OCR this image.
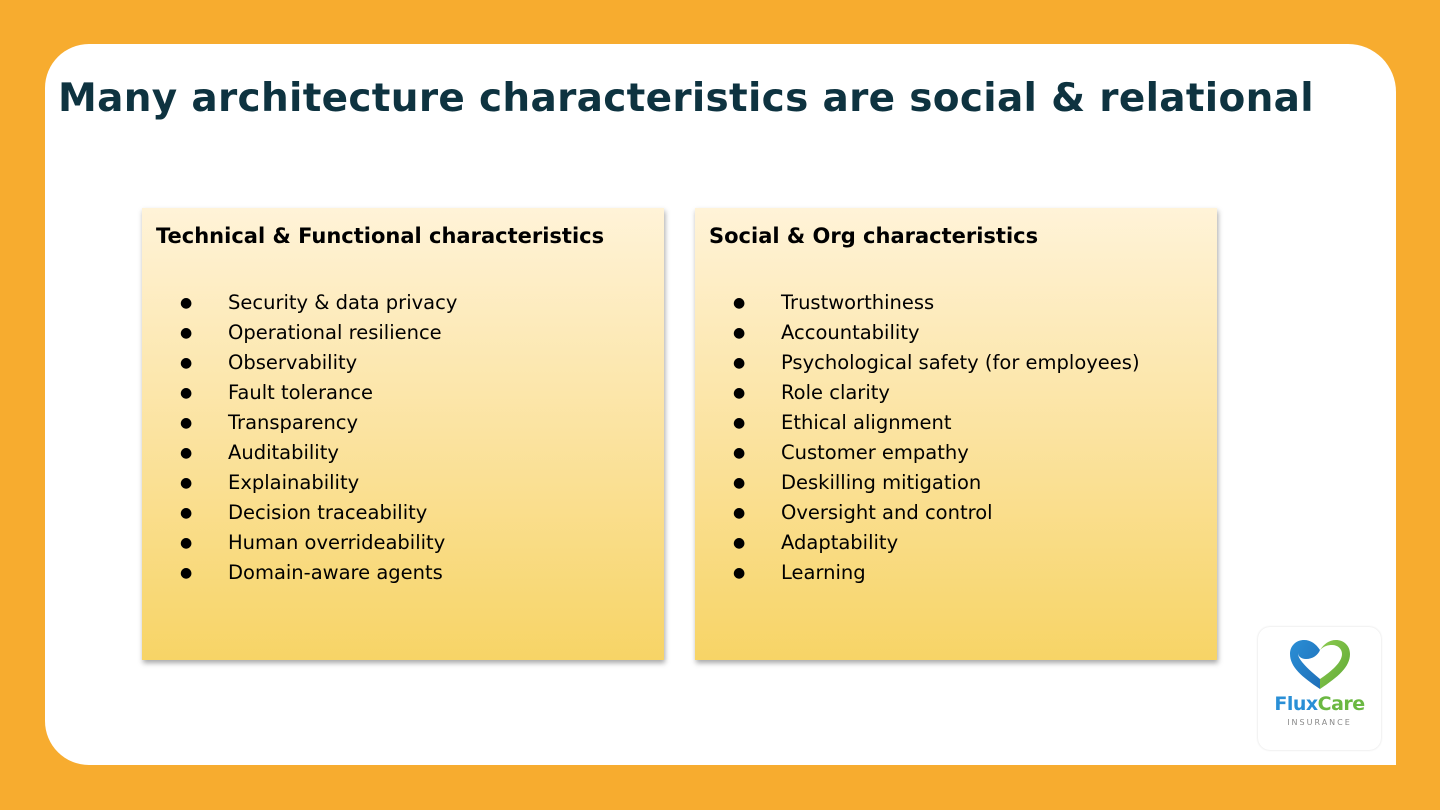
Many architecture characteristics are social & relational
Technical & Functional characteristics
● Security & data privacy
● Operational resilience
● Observability
● Fault tolerance
● Transparency
● Auditability
● Explainability
● Decision traceability
● Human overrideability
● Domain-aware agents
Social & Org characteristics
● Trustworthiness
● Accountability
● Psychological safety (for employees)
● Role clarity
● Ethical alignment
● Customer empathy
● Deskilling mitigation
● Oversight and control
● Adaptability
● Learning
FluxCare
INSURANCE
